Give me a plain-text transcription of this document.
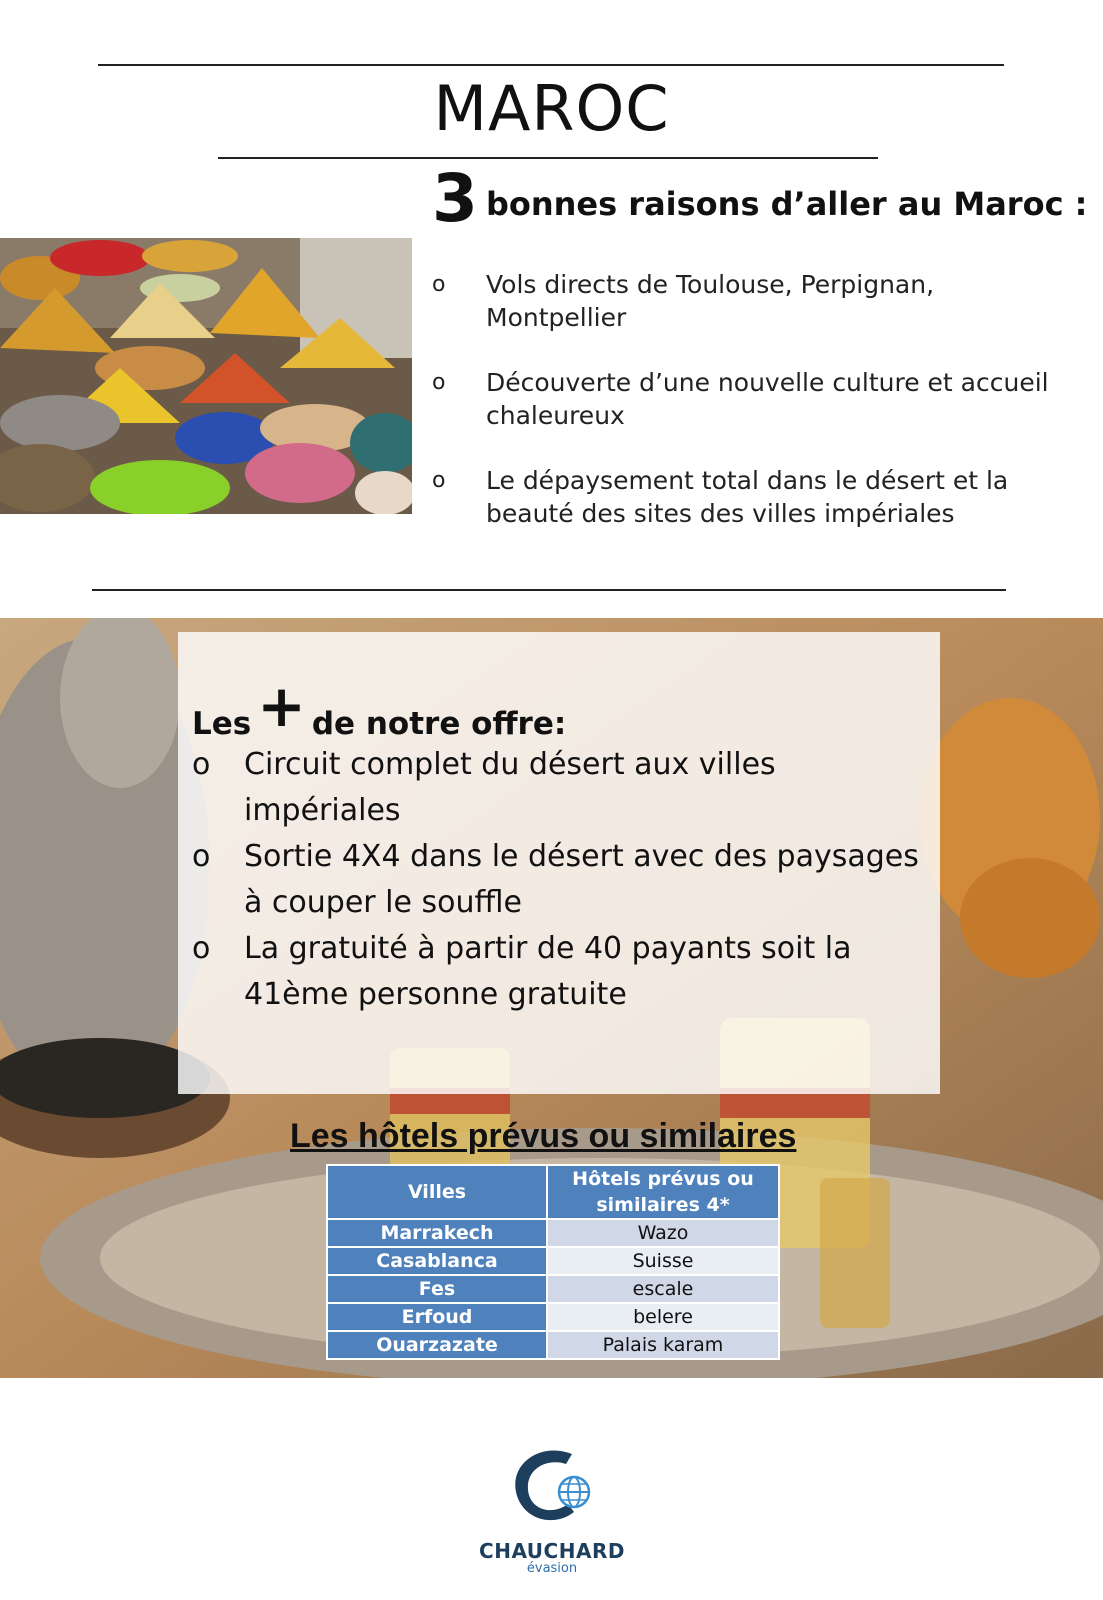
MAROC
3 bonnes raisons d’aller au Maroc :
o Vols directs de Toulouse, Perpignan, Montpellier
o Découverte d’une nouvelle culture et accueil chaleureux
o Le dépaysement total dans le désert et la beauté des sites des villes impériales
Les + de notre offre:
o Circuit complet du désert aux villes impériales
o Sortie 4X4 dans le désert avec des paysages à couper le souffle
o La gratuité à partir de 40 payants soit la 41ème personne gratuite
Les hôtels prévus ou similaires
Villes	Hôtels prévus ou similaires 4*
Marrakech	Wazo
Casablanca	Suisse
Fes	escale
Erfoud	belere
Ouarzazate	Palais karam
CHAUCHARD
évasion
